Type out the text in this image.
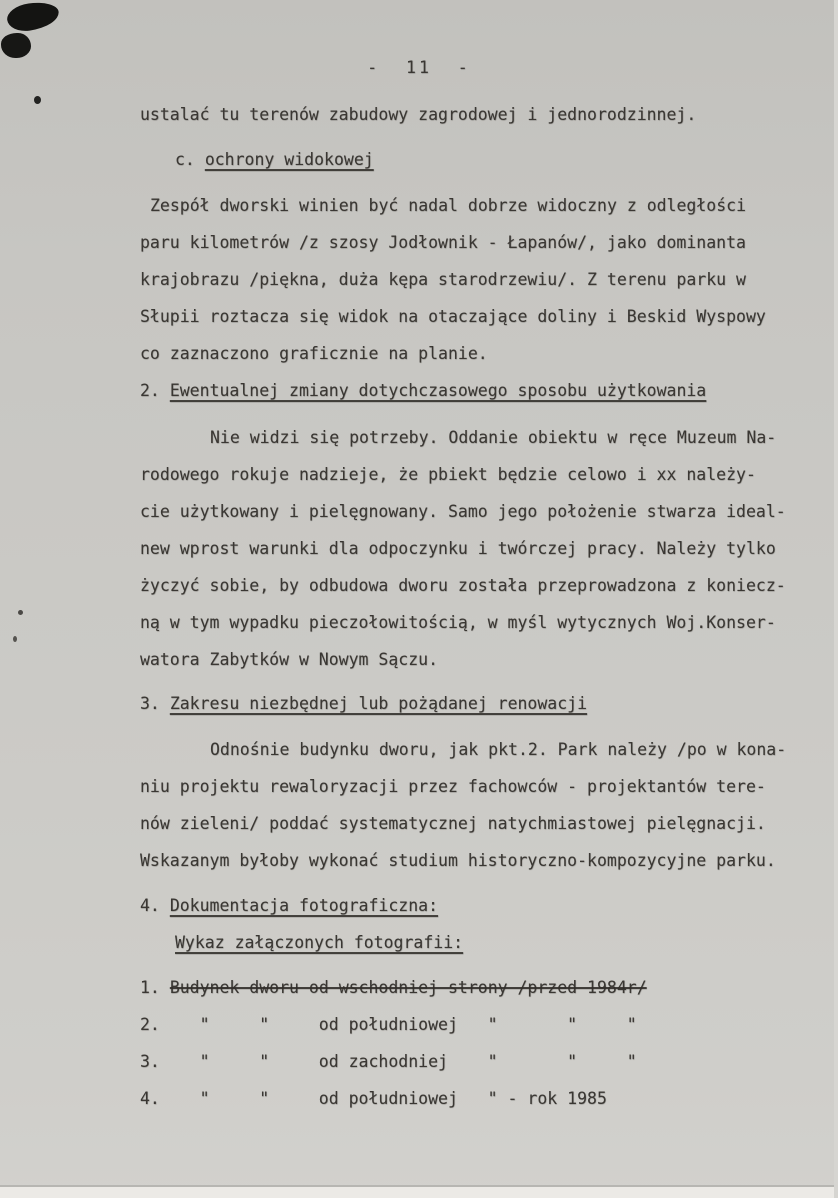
-  11  -
ustalać tu terenów zabudowy zagrodowej i jednorodzinnej.
c. ochrony widokowej
Zespół dworski winien być nadal dobrze widoczny z odległości
paru kilometrów /z szosy Jodłownik - Łapanów/, jako dominanta
krajobrazu /piękna, duża kępa starodrzewiu/. Z terenu parku w
Słupii roztacza się widok na otaczające doliny i Beskid Wyspowy
co zaznaczono graficznie na planie.
2. Ewentualnej zmiany dotychczasowego sposobu użytkowania
Nie widzi się potrzeby. Oddanie obiektu w ręce Muzeum Na-
rodowego rokuje nadzieje, że pbiekt będzie celowo i xx należy-
cie użytkowany i pielęgnowany. Samo jego położenie stwarza ideal-
new wprost warunki dla odpoczynku i twórczej pracy. Należy tylko
życzyć sobie, by odbudowa dworu została przeprowadzona z koniecz-
ną w tym wypadku pieczołowitością, w myśl wytycznych Woj.Konser-
watora Zabytków w Nowym Sączu.
3. Zakresu niezbędnej lub pożądanej renowacji
Odnośnie budynku dworu, jak pkt.2. Park należy /po w kona-
niu projektu rewaloryzacji przez fachowców - projektantów tere-
nów zieleni/ poddać systematycznej natychmiastowej pielęgnacji.
Wskazanym byłoby wykonać studium historyczno-kompozycyjne parku.
4. Dokumentacja fotograficzna:
Wykaz załączonych fotografii:
1. Budynek dworu od wschodniej strony /przed 1984r/
2.    "     "     od południowej   "       "     "
3.    "     "     od zachodniej    "       "     "
4.    "     "     od południowej   " - rok 1985
